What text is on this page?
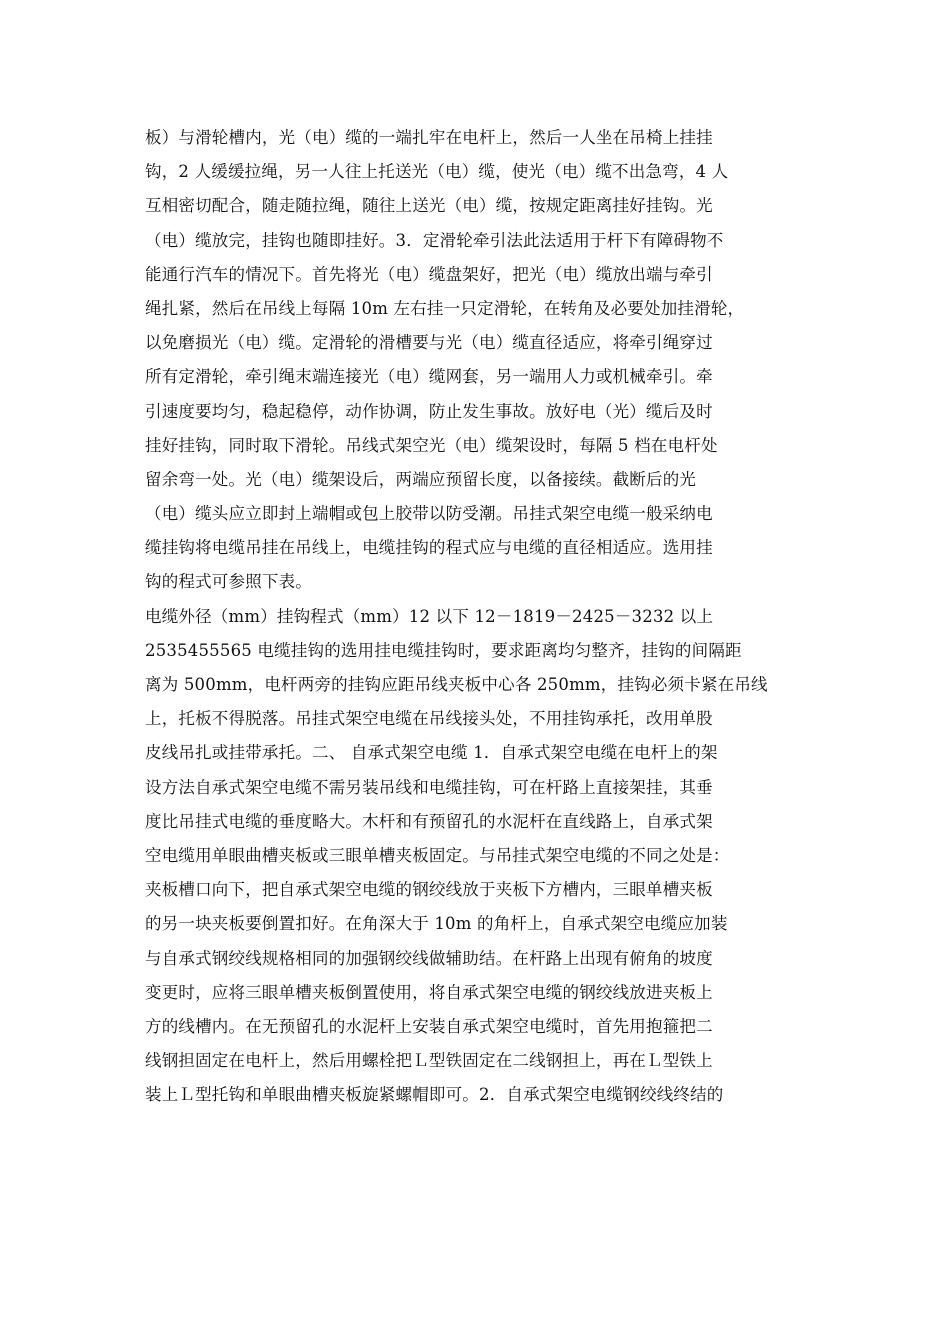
板）与滑轮槽内，光（电）缆的一端扎牢在电杆上，然后一人坐在吊椅上挂挂
钩，2 人缓缓拉绳，另一人往上托送光（电）缆，使光（电）缆不出急弯，4 人
互相密切配合，随走随拉绳，随往上送光（电）缆，按规定距离挂好挂钩。光
（电）缆放完，挂钩也随即挂好。3．定滑轮牵引法此法适用于杆下有障碍物不
能通行汽车的情况下。首先将光（电）缆盘架好，把光（电）缆放出端与牵引
绳扎紧，然后在吊线上每隔 10m 左右挂一只定滑轮，在转角及必要处加挂滑轮，
以免磨损光（电）缆。定滑轮的滑槽要与光（电）缆直径适应，将牵引绳穿过
所有定滑轮，牵引绳末端连接光（电）缆网套，另一端用人力或机械牵引。牵
引速度要均匀，稳起稳停，动作协调，防止发生事故。放好电（光）缆后及时
挂好挂钩，同时取下滑轮。吊线式架空光（电）缆架设时，每隔 5 档在电杆处
留余弯一处。光（电）缆架设后，两端应预留长度，以备接续。截断后的光
（电）缆头应立即封上端帽或包上胶带以防受潮。吊挂式架空电缆一般采纳电
缆挂钩将电缆吊挂在吊线上，电缆挂钩的程式应与电缆的直径相适应。选用挂
钩的程式可参照下表。
电缆外径（mm）挂钩程式（mm）12 以下 12－1819－2425－3232 以上
2535455565 电缆挂钩的选用挂电缆挂钩时，要求距离均匀整齐，挂钩的间隔距
离为 500mm，电杆两旁的挂钩应距吊线夹板中心各 250mm，挂钩必须卡紧在吊线
上，托板不得脱落。吊挂式架空电缆在吊线接头处，不用挂钩承托，改用单股
皮线吊扎或挂带承托。二、 自承式架空电缆 1．自承式架空电缆在电杆上的架
设方法自承式架空电缆不需另装吊线和电缆挂钩，可在杆路上直接架挂，其垂
度比吊挂式电缆的垂度略大。木杆和有预留孔的水泥杆在直线路上，自承式架
空电缆用单眼曲槽夹板或三眼单槽夹板固定。与吊挂式架空电缆的不同之处是：
夹板槽口向下，把自承式架空电缆的钢绞线放于夹板下方槽内，三眼单槽夹板
的另一块夹板要倒置扣好。在角深大于 10m 的角杆上，自承式架空电缆应加装
与自承式钢绞线规格相同的加强钢绞线做辅助结。在杆路上出现有俯角的坡度
变更时，应将三眼单槽夹板倒置使用，将自承式架空电缆的钢绞线放进夹板上
方的线槽内。在无预留孔的水泥杆上安装自承式架空电缆时，首先用抱箍把二
线钢担固定在电杆上，然后用螺栓把Ｌ型铁固定在二线钢担上，再在Ｌ型铁上
装上Ｌ型托钩和单眼曲槽夹板旋紧螺帽即可。2．自承式架空电缆钢绞线终结的
